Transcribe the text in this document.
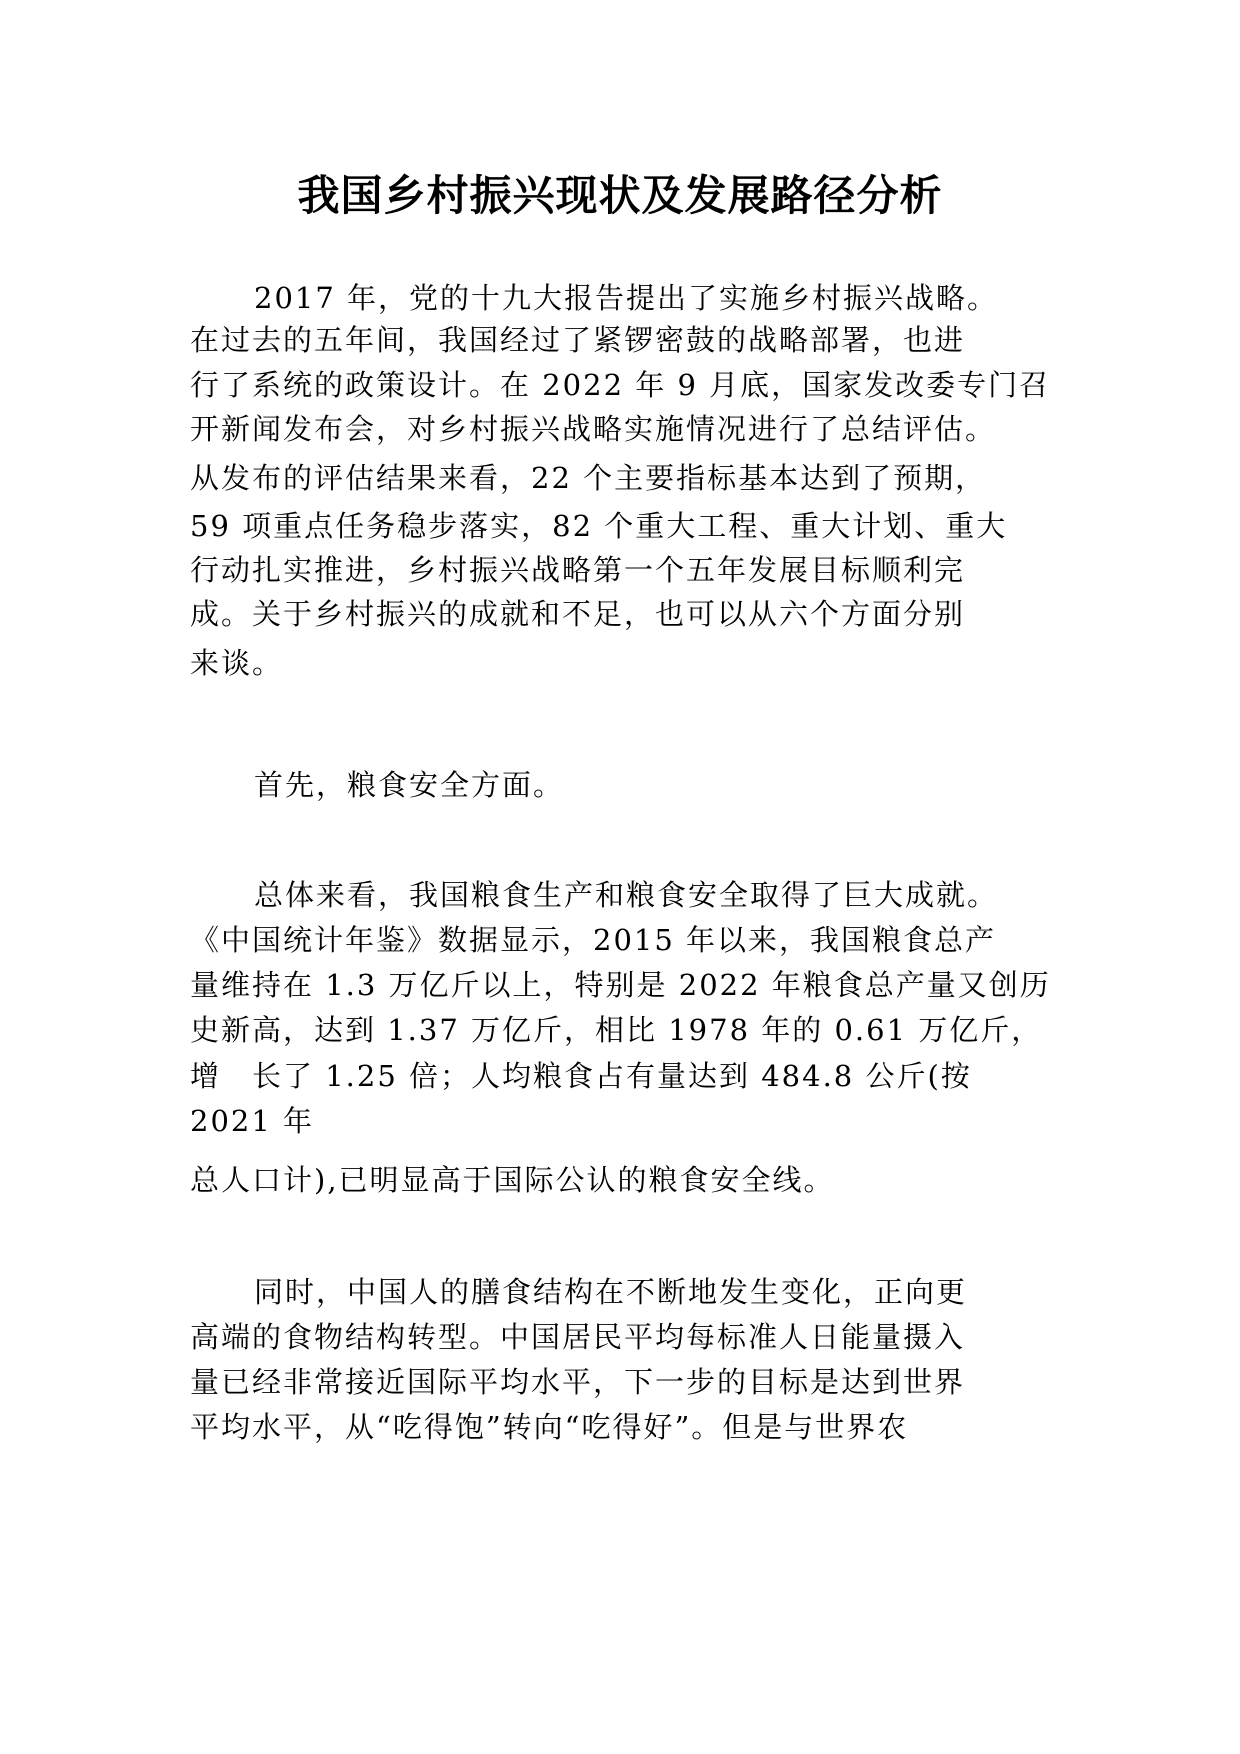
我国乡村振兴现状及发展路径分析
2017 年，党的十九大报告提出了实施乡村振兴战略。
在过去的五年间，我国经过了紧锣密鼓的战略部署，也进
行了系统的政策设计。在 2022 年 9 月底，国家发改委专门召
开新闻发布会，对乡村振兴战略实施情况进行了总结评估。
从发布的评估结果来看，22 个主要指标基本达到了预期，
59 项重点任务稳步落实，82 个重大工程、重大计划、重大
行动扎实推进，乡村振兴战略第一个五年发展目标顺利完
成。关于乡村振兴的成就和不足，也可以从六个方面分别
来谈。
首先，粮食安全方面。
总体来看，我国粮食生产和粮食安全取得了巨大成就。
《中国统计年鉴》数据显示，2015 年以来，我国粮食总产
量维持在 1.3 万亿斤以上，特别是 2022 年粮食总产量又创历
史新高，达到 1.37 万亿斤，相比 1978 年的 0.61 万亿斤，
增　长了 1.25 倍；人均粮食占有量达到 484.8 公斤(按
2021 年
总人口计),已明显高于国际公认的粮食安全线。
同时，中国人的膳食结构在不断地发生变化，正向更
高端的食物结构转型。中国居民平均每标准人日能量摄入
量已经非常接近国际平均水平，下一步的目标是达到世界
平均水平，从“吃得饱”转向“吃得好”。但是与世界农
